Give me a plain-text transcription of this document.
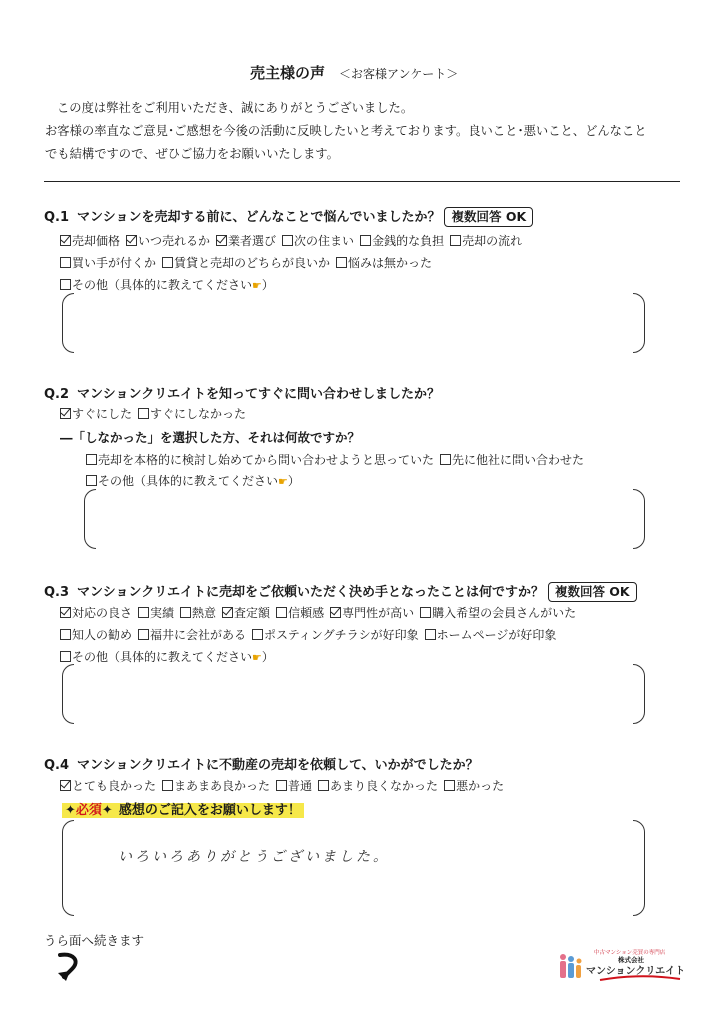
売主様の声 ＜お客様アンケート＞
この度は弊社をご利用いただき、誠にありがとうございました。
お客様の率直なご意見･ご感想を今後の活動に反映したいと考えております。良いこと･悪いこと、どんなこと
でも結構ですので、ぜひご協力をお願いいたします。
Q.1 マンションを売却する前に、どんなことで悩んでいましたか？ 複数回答 OK
売却価格 いつ売れるか 業者選び 次の住まい 金銭的な負担 売却の流れ
買い手が付くか 賃貸と売却のどちらが良いか 悩みは無かった
その他（具体的に教えてください☛）
Q.2 マンションクリエイトを知ってすぐに問い合わせしましたか？
すぐにした すぐにしなかった
―「しなかった」を選択した方、それは何故ですか？
売却を本格的に検討し始めてから問い合わせようと思っていた 先に他社に問い合わせた
その他（具体的に教えてください☛）
Q.3 マンションクリエイトに売却をご依頼いただく決め手となったことは何ですか？ 複数回答 OK
対応の良さ 実績 熱意 査定額 信頼感 専門性が高い 購入希望の会員さんがいた
知人の勧め 福井に会社がある ポスティングチラシが好印象 ホームページが好印象
その他（具体的に教えてください☛）
Q.4 マンションクリエイトに不動産の売却を依頼して、いかがでしたか？
とても良かった まあまあ良かった 普通 あまり良くなかった 悪かった
✦必須✦ 感想のご記入をお願いします！
いろいろありがとうございました。
うら面へ続きます
中古マンション売買の専門店
株式会社
マンションクリエイト
